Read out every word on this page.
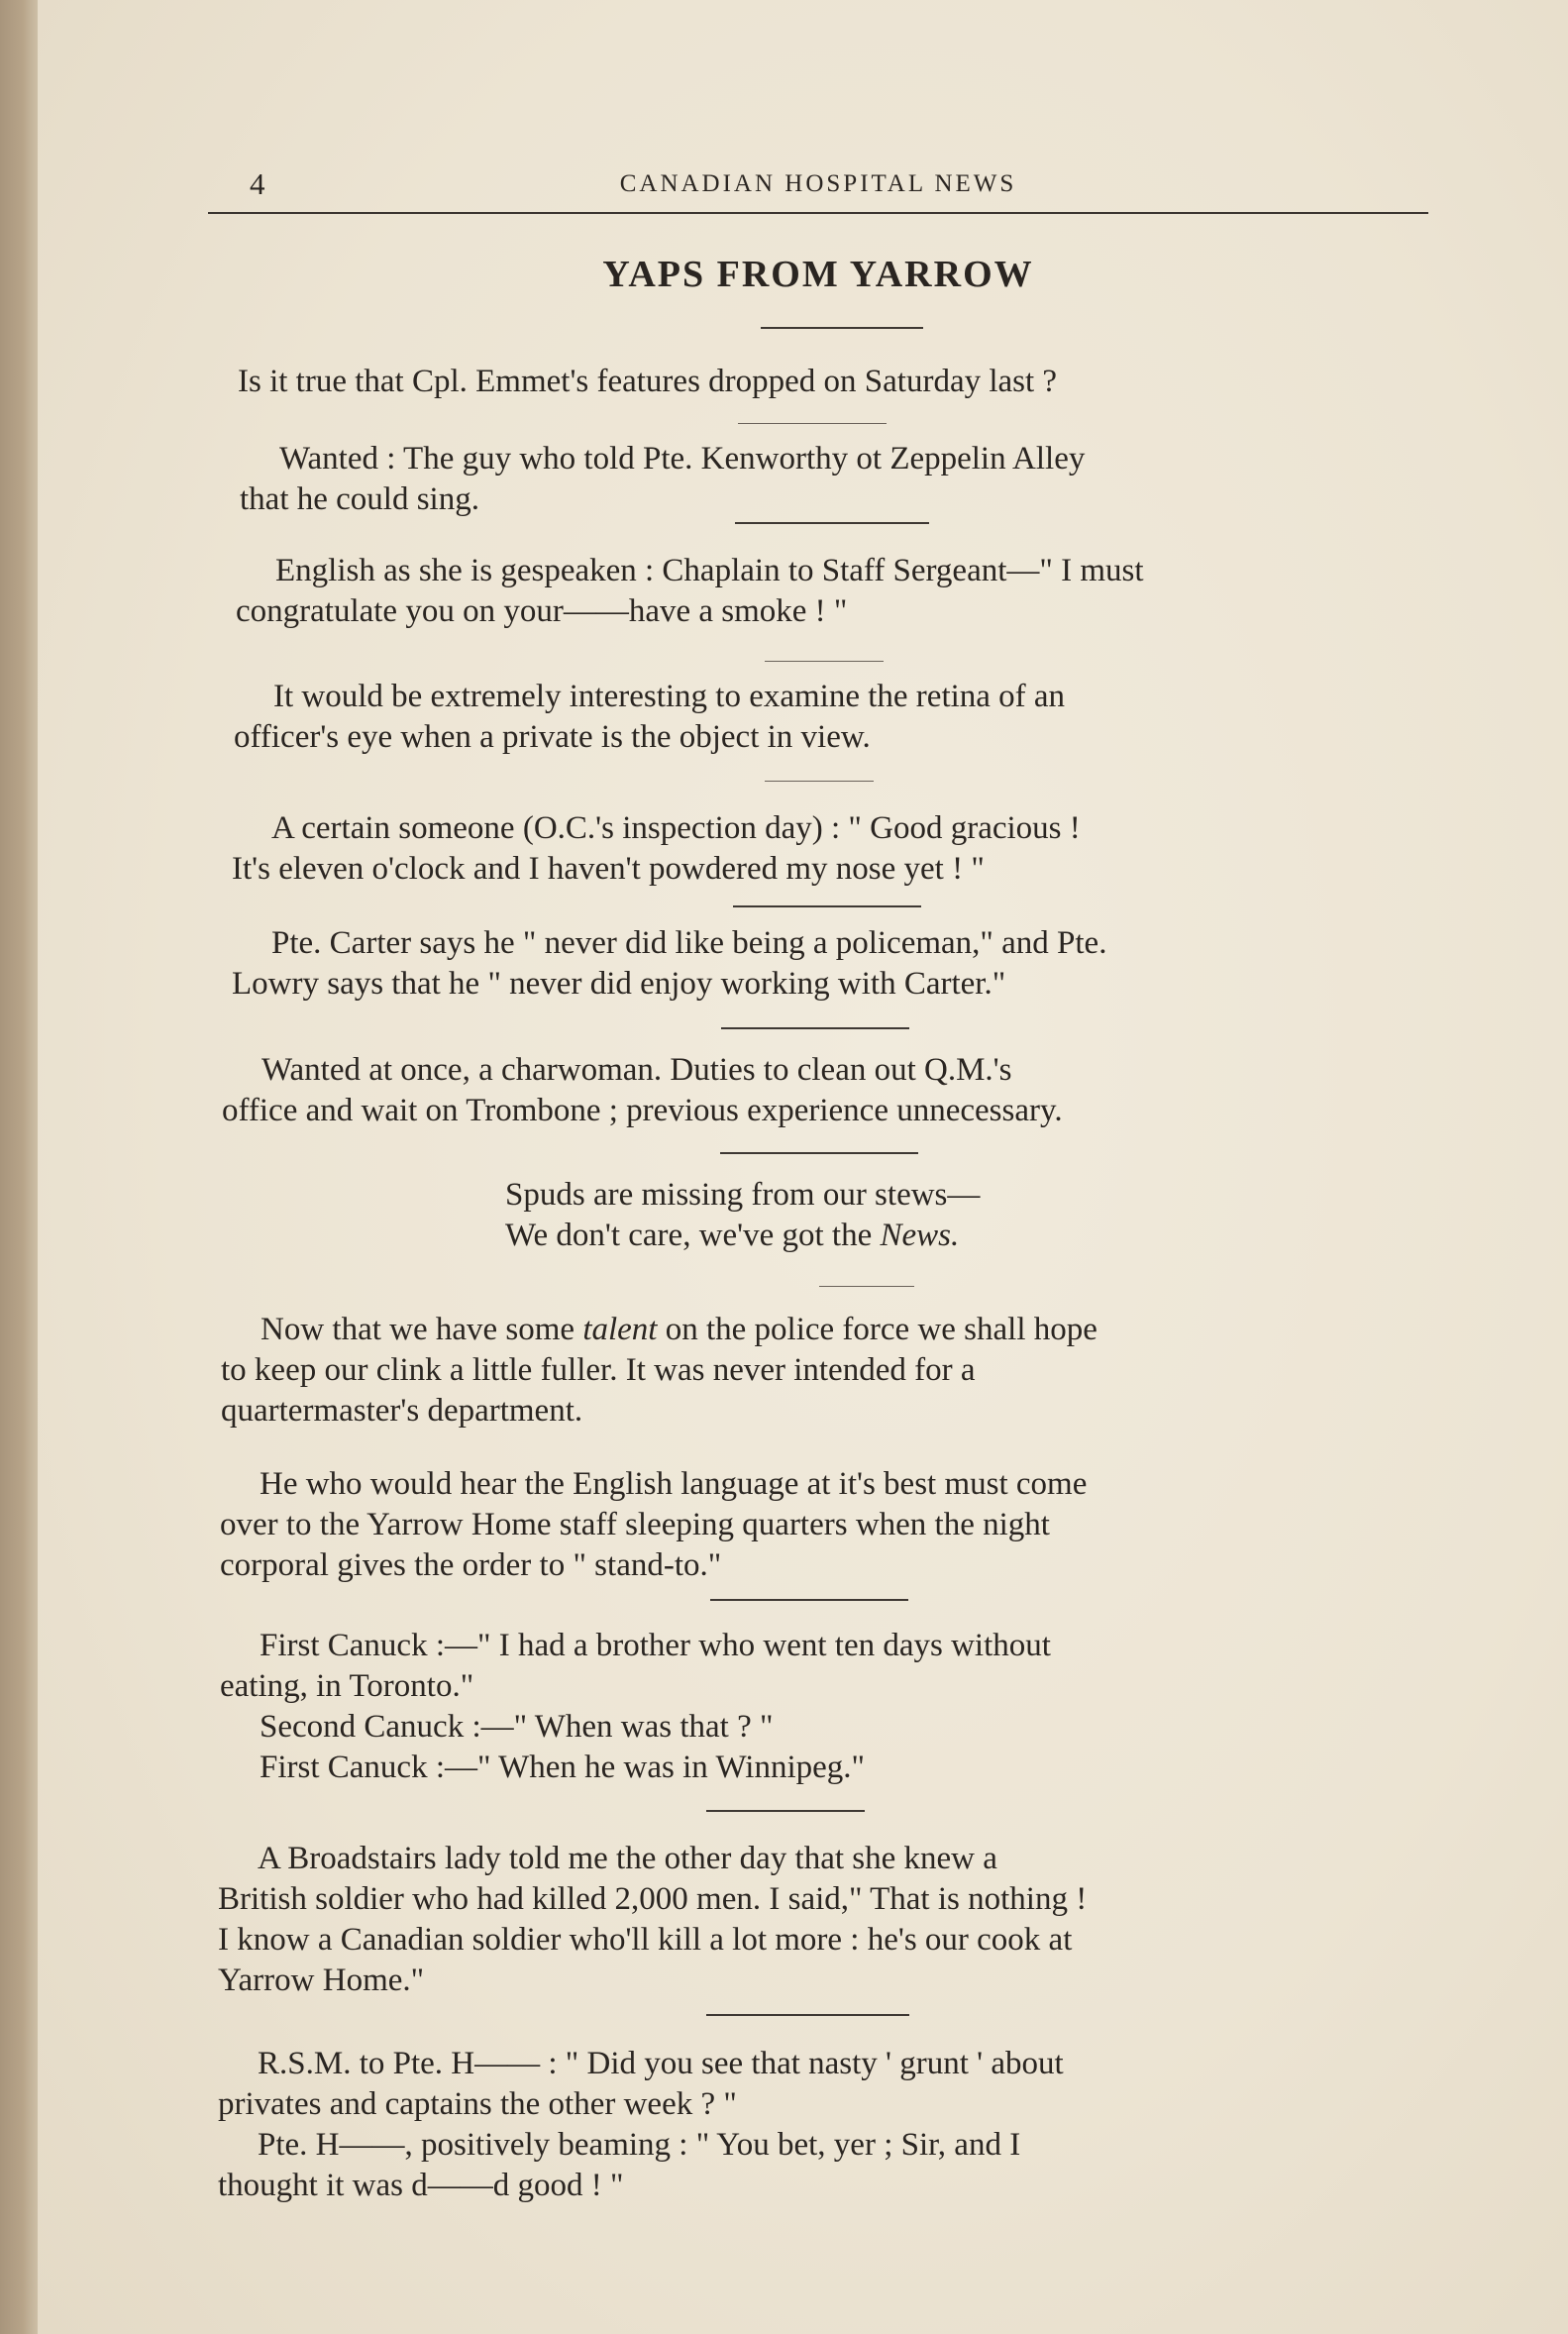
4	CANADIAN HOSPITAL NEWS
YAPS FROM YARROW
Is it true that Cpl. Emmet's features dropped on Saturday last ?
Wanted : The guy who told Pte. Kenworthy ot Zeppelin Alley
that he could sing.
English as she is gespeaken : Chaplain to Staff Sergeant—" I must
congratulate you on your——have a smoke ! "
It would be extremely interesting to examine the retina of an
officer's eye when a private is the object in view.
A certain someone (O.C.'s inspection day) : " Good gracious !
It's eleven o'clock and I haven't powdered my nose yet ! "
Pte. Carter says he " never did like being a policeman," and Pte.
Lowry says that he " never did enjoy working with Carter."
Wanted at once, a charwoman. Duties to clean out Q.M.'s
office and wait on Trombone ; previous experience unnecessary.
Spuds are missing from our stews—
We don't care, we've got the News.
Now that we have some talent on the police force we shall hope
to keep our clink a little fuller. It was never intended for a
quartermaster's department.
He who would hear the English language at it's best must come
over to the Yarrow Home staff sleeping quarters when the night
corporal gives the order to " stand-to."
First Canuck :—" I had a brother who went ten days without
eating, in Toronto."
Second Canuck :—" When was that ? "
First Canuck :—" When he was in Winnipeg."
A Broadstairs lady told me the other day that she knew a
British soldier who had killed 2,000 men. I said," That is nothing !
I know a Canadian soldier who'll kill a lot more : he's our cook at
Yarrow Home."
R.S.M. to Pte. H—— : " Did you see that nasty ' grunt ' about
privates and captains the other week ? "
Pte. H——, positively beaming : " You bet, yer ; Sir, and I
thought it was d——d good ! "
